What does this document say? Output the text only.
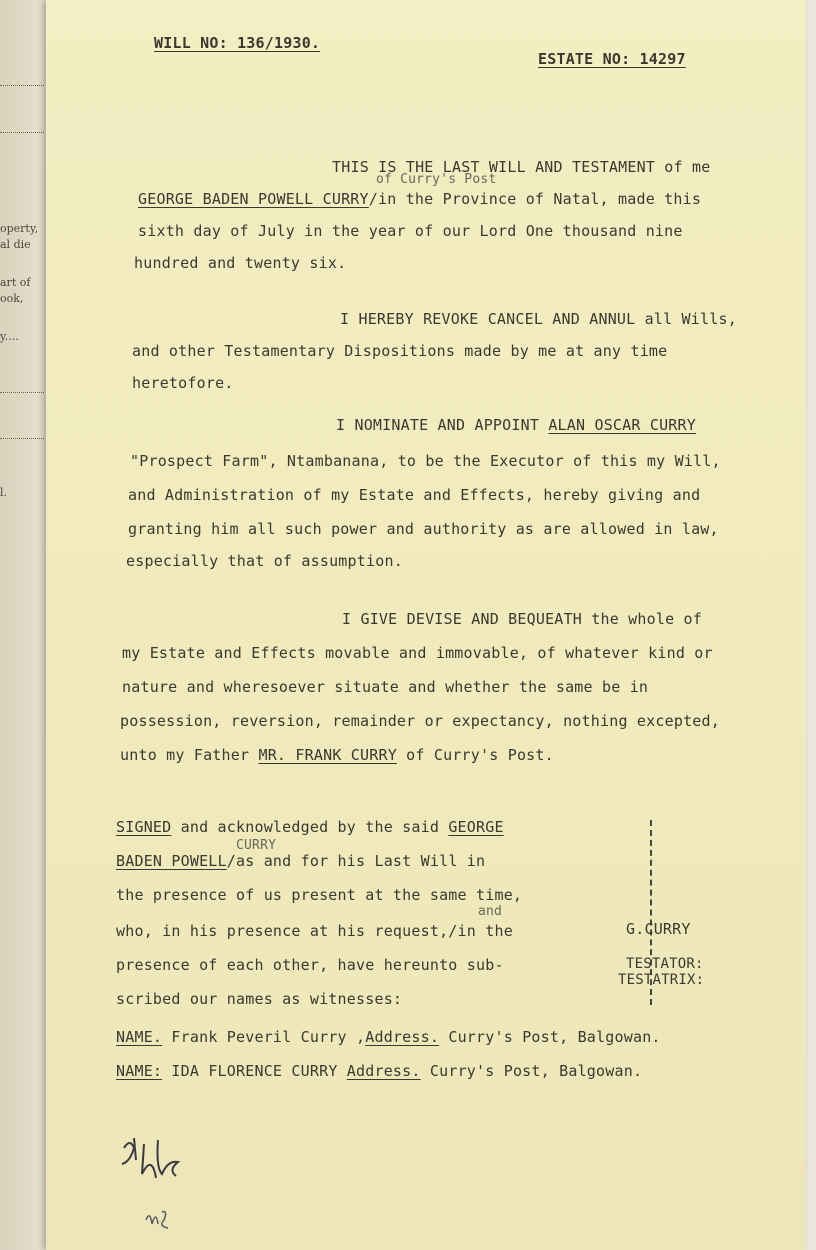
operty,
al die
art of
ook,
y....
l.
WILL NO: 136/1930.
ESTATE NO: 14297
THIS IS THE LAST WILL AND TESTAMENT of me
of Curry's Post
GEORGE BADEN POWELL CURRY/in the Province of Natal, made this
sixth day of July in the year of our Lord One thousand nine
hundred and twenty six.
I HEREBY REVOKE CANCEL AND ANNUL all Wills,
and other Testamentary Dispositions made by me at any time
heretofore.
I NOMINATE AND APPOINT ALAN OSCAR CURRY
"Prospect Farm", Ntambanana, to be the Executor of this my Will,
and Administration of my Estate and Effects, hereby giving and
granting him all such power and authority as are allowed in law,
especially that of assumption.
I GIVE DEVISE AND BEQUEATH the whole of
my Estate and Effects movable and immovable, of whatever kind or
nature and wheresoever situate and whether the same be in
possession, reversion, remainder or expectancy, nothing excepted,
unto my Father MR. FRANK CURRY of Curry's Post.
SIGNED and acknowledged by the said GEORGE
CURRY
BADEN POWELL/as and for his Last Will in
the presence of us present at the same time,
and
who, in his presence at his request,/in the
presence of each other, have hereunto sub-
scribed our names as witnesses:
G.CURRY
TESTATOR:
TESTATRIX:
NAME. Frank Peveril Curry ,Address. Curry's Post, Balgowan.
NAME: IDA FLORENCE CURRY Address. Curry's Post, Balgowan.
